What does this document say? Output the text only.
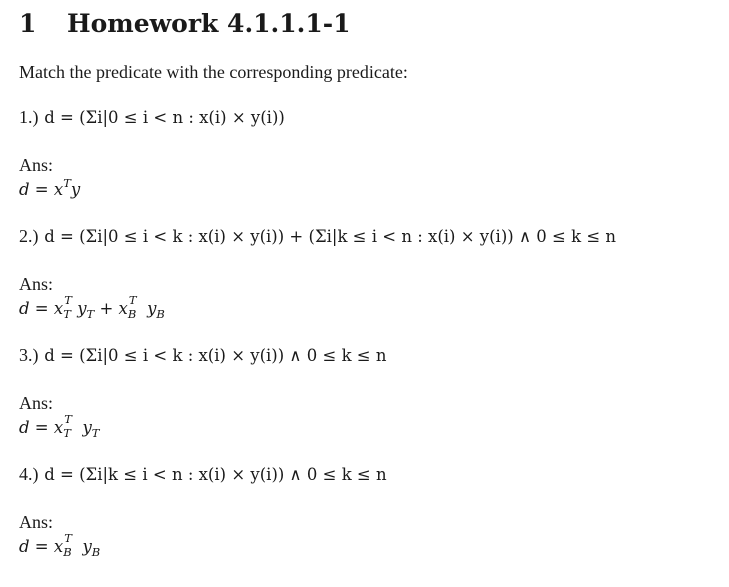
1 Homework 4.1.1.1-1

Match the predicate with the corresponding predicate:

1.) d = (Σi|0 ≤ i < n : x(i) × y(i))
Ans:
$d = x^Ty$
2.) d = (Σi|0 ≤ i < k : x(i) × y(i)) + (Σi|k ≤ i < n : x(i) × y(i)) ∧ 0 ≤ k ≤ n
Ans:
d = x T
T $y_T + x$ T
B $y_B$
3.) d = (Σi|0 ≤ i < k : x(i) × y(i)) ∧ 0 ≤ k ≤ n
Ans:
d = x T
T $y_T$
4.) d = (Σi|k ≤ i < n : x(i) × y(i)) ∧ 0 ≤ k ≤ n
Ans:
d = x T
B $y_B$
